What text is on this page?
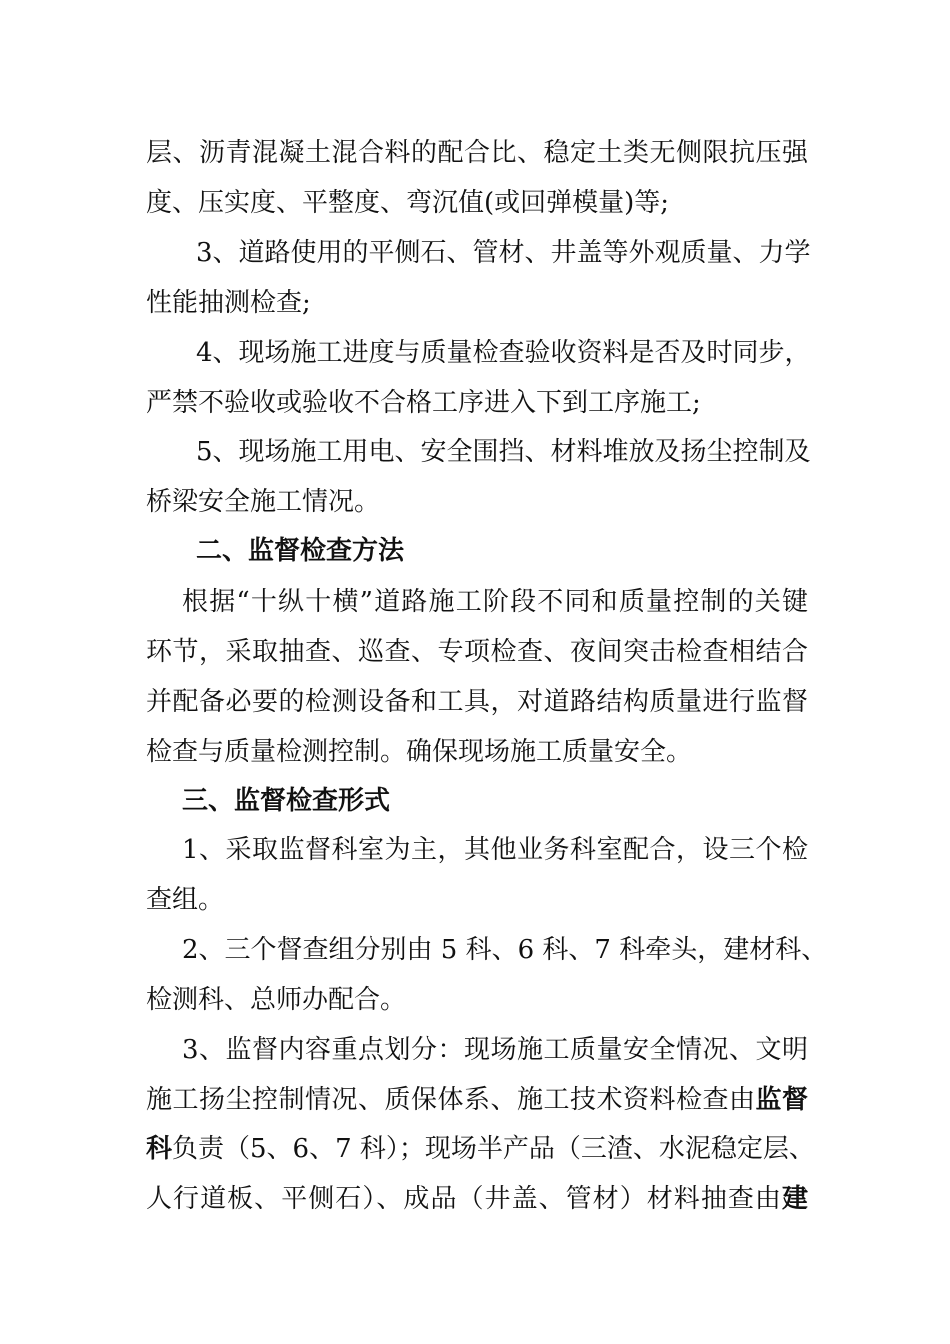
层、沥青混凝土混合料的配合比、稳定土类无侧限抗压强
度、压实度、平整度、弯沉值(或回弹模量)等;
3、道路使用的平侧石、管材、井盖等外观质量、力学
性能抽测检查;
4、现场施工进度与质量检查验收资料是否及时同步，
严禁不验收或验收不合格工序进入下到工序施工;
5、现场施工用电、安全围挡、材料堆放及扬尘控制及
桥梁安全施工情况。
二、监督检查方法
根据“十纵十横”道路施工阶段不同和质量控制的关键
环节，采取抽查、巡查、专项检查、夜间突击检查相结合
并配备必要的检测设备和工具，对道路结构质量进行监督
检查与质量检测控制。确保现场施工质量安全。
三、监督检查形式
1、采取监督科室为主，其他业务科室配合，设三个检
查组。
2、三个督查组分别由 5 科、6 科、7 科牵头，建材科、
检测科、总师办配合。
3、监督内容重点划分：现场施工质量安全情况、文明
施工扬尘控制情况、质保体系、施工技术资料检查由监督
科负责（5、6、7 科）；现场半产品（三渣、水泥稳定层、
人行道板、平侧石）、成品（井盖、管材）材料抽查由建
